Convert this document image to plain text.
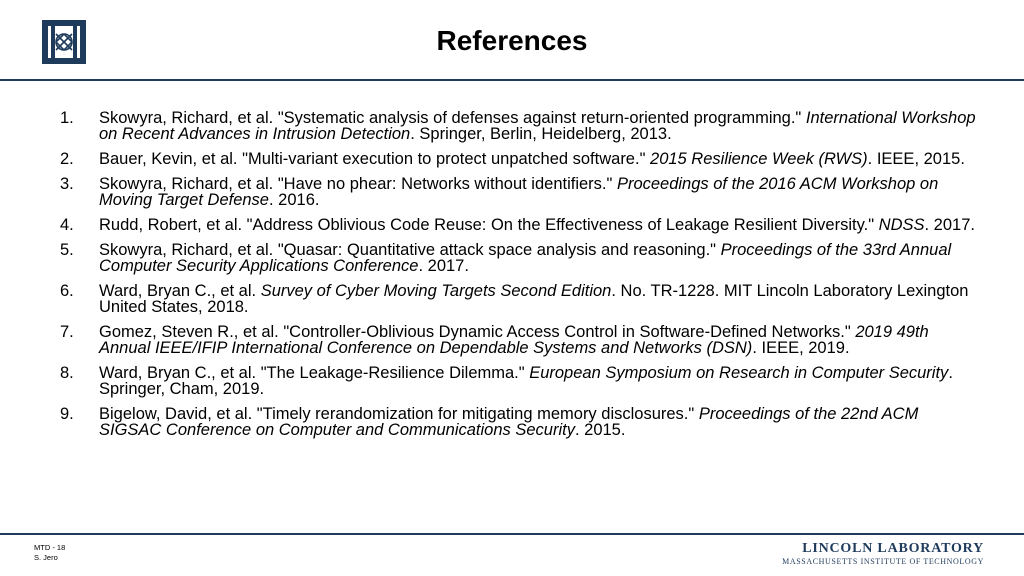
References
1.	Skowyra, Richard, et al. "Systematic analysis of defenses against return-oriented programming." International Workshop on Recent Advances in Intrusion Detection. Springer, Berlin, Heidelberg, 2013.
2.	Bauer, Kevin, et al. "Multi-variant execution to protect unpatched software." 2015 Resilience Week (RWS). IEEE, 2015.
3.	Skowyra, Richard, et al. "Have no phear: Networks without identifiers." Proceedings of the 2016 ACM Workshop on Moving Target Defense. 2016.
4.	Rudd, Robert, et al. "Address Oblivious Code Reuse: On the Effectiveness of Leakage Resilient Diversity." NDSS. 2017.
5.	Skowyra, Richard, et al. "Quasar: Quantitative attack space analysis and reasoning." Proceedings of the 33rd Annual Computer Security Applications Conference. 2017.
6.	Ward, Bryan C., et al. Survey of Cyber Moving Targets Second Edition. No. TR-1228. MIT Lincoln Laboratory Lexington United States, 2018.
7.	Gomez, Steven R., et al. "Controller-Oblivious Dynamic Access Control in Software-Defined Networks." 2019 49th Annual IEEE/IFIP International Conference on Dependable Systems and Networks (DSN). IEEE, 2019.
8.	Ward, Bryan C., et al. "The Leakage-Resilience Dilemma." European Symposium on Research in Computer Security. Springer, Cham, 2019.
9.	Bigelow, David, et al. "Timely rerandomization for mitigating memory disclosures." Proceedings of the 22nd ACM SIGSAC Conference on Computer and Communications Security. 2015.
MTD - 18
S. Jero
LINCOLN LABORATORY
MASSACHUSETTS INSTITUTE OF TECHNOLOGY
